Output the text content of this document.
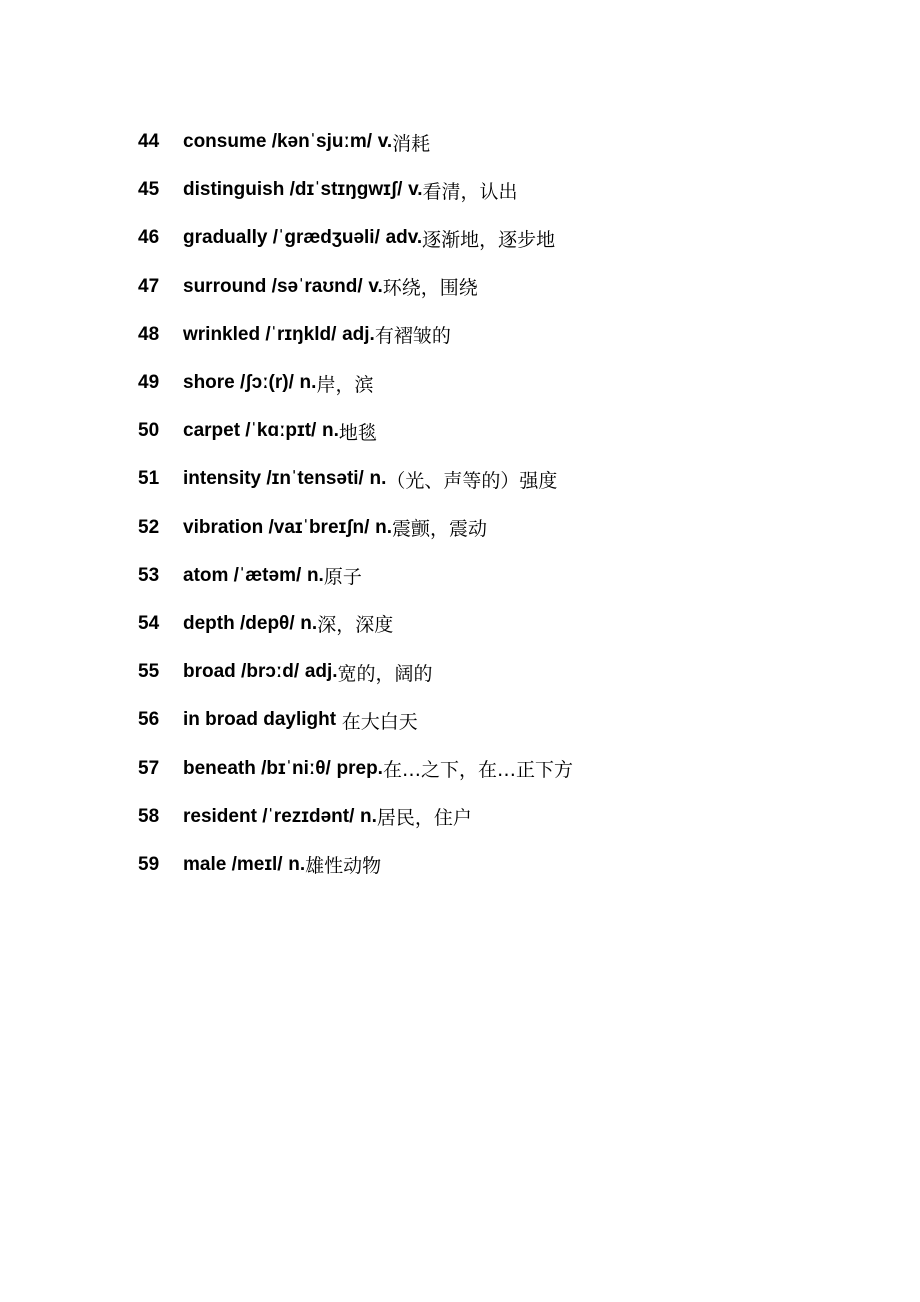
44	consume /kənˈsjuːm/ v. 消耗
45	distinguish /dɪˈstɪŋɡwɪʃ/ v. 看清，认出
46	gradually /ˈɡrædʒuəli/ adv. 逐渐地，逐步地
47	surround /səˈraʊnd/ v. 环绕，围绕
48	wrinkled /ˈrɪŋkld/ adj. 有褶皱的
49	shore /ʃɔː(r)/ n. 岸，滨
50	carpet /ˈkɑːpɪt/ n. 地毯
51	intensity /ɪnˈtensəti/ n. （光、声等的）强度
52	vibration /vaɪˈbreɪʃn/ n. 震颤，震动
53	atom /ˈætəm/ n. 原子
54	depth /depθ/ n. 深，深度
55	broad /brɔːd/ adj. 宽的，阔的
56	in broad daylight 在大白天
57	beneath /bɪˈniːθ/ prep. 在…之下，在…正下方
58	resident /ˈrezɪdənt/ n. 居民，住户
59	male /meɪl/ n. 雄性动物
